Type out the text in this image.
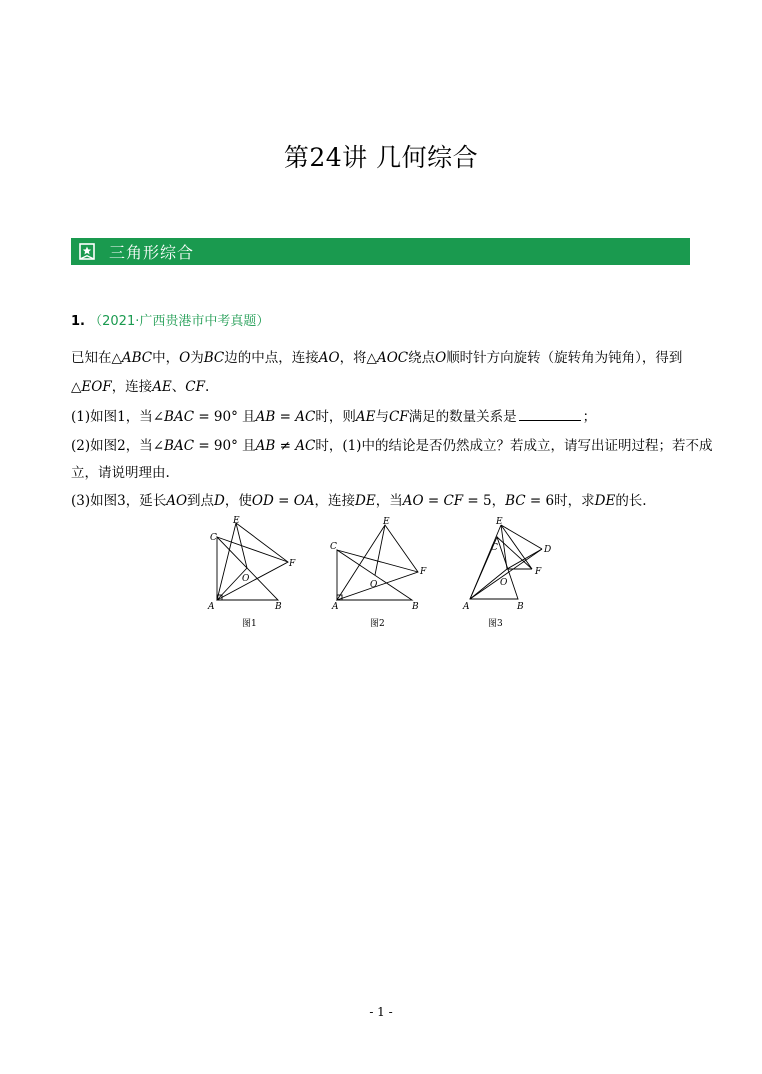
第24讲 几何综合
三角形综合
1. （2021·广西贵港市中考真题）
已知在△ABC中，O为BC边的中点，连接AO，将△AOC绕点O顺时针方向旋转（旋转角为钝角），得到
△EOF，连接AE、CF.
(1)如图1，当∠BAC = 90° 且AB = AC时，则AE与CF满足的数量关系是	；
(2)如图2，当∠BAC = 90° 且AB ≠ AC时，(1)中的结论是否仍然成立？若成立，请写出证明过程；若不成
立，请说明理由.
(3)如图3，延长AO到点D，使OD = OA，连接DE，当AO = CF = 5，BC = 6时，求DE的长.
A	B
C
E
F
O
A	B
C
E
F
O
A	B
C	D
E
F
O
图1	图2	图3
- 1 -
